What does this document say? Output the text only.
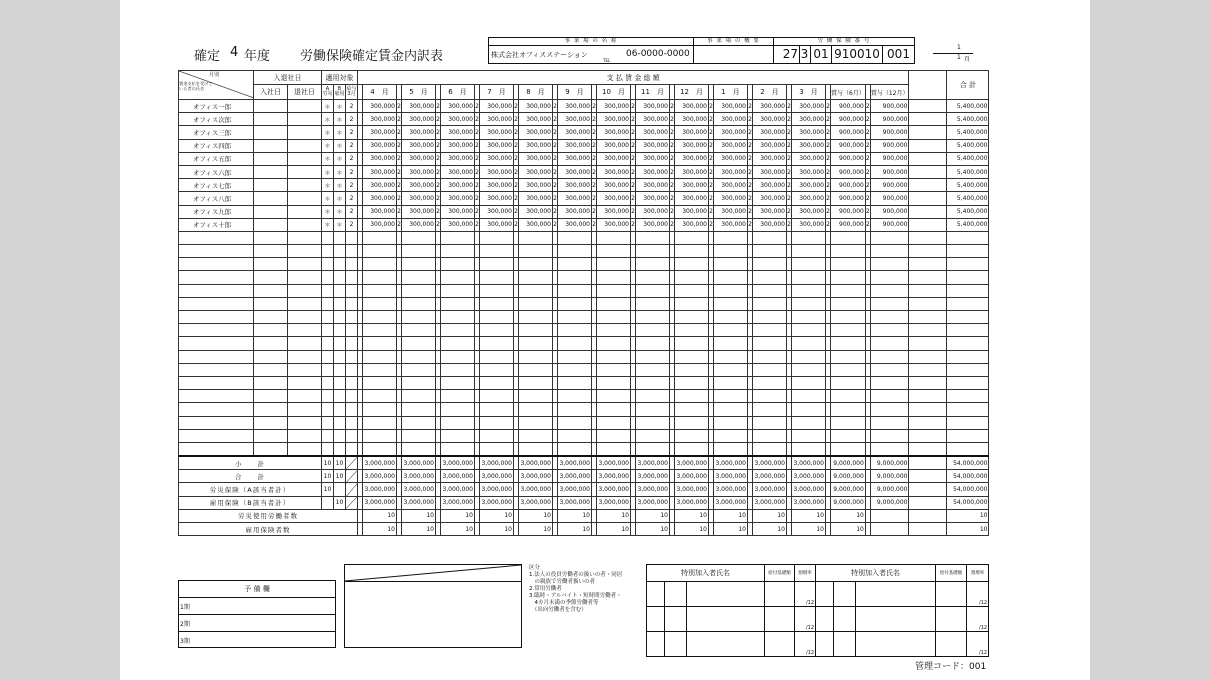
確定 4 年度 労働保険確定賃金内訳表
事 業 場 の 名 称
株式会社オフィスステーション
TEL
06-0000-0000
事 業 場 の 概 要	労 働 保 険 番 号
27 3 01 910010 001	1
1 頁
月別
賃金支払を受けている者の氏名	入退社日		適用対象			支 払 賃 金 総 額																													合 計
	入社日	退社日	A
労災	B
雇用	給与
3月		4　月		5　月		6　月		7　月		8　月		9　月		10　月		11　月		12　月		1　月		2　月		3　月		賞与（6月）		賞与（12月）		
オフィス一郎			＊	＊	2		300,000	2	300,000	2	300,000	2	300,000	2	300,000	2	300,000	2	300,000	2	300,000	2	300,000	2	300,000	2	300,000	2	300,000	2	900,000	2	900,000		5,400,000
オフィス次郎			＊	＊	2		300,000	2	300,000	2	300,000	2	300,000	2	300,000	2	300,000	2	300,000	2	300,000	2	300,000	2	300,000	2	300,000	2	300,000	2	900,000	2	900,000		5,400,000
オフィス三郎			＊	＊	2		300,000	2	300,000	2	300,000	2	300,000	2	300,000	2	300,000	2	300,000	2	300,000	2	300,000	2	300,000	2	300,000	2	300,000	2	900,000	2	900,000		5,400,000
オフィス四郎			＊	＊	2		300,000	2	300,000	2	300,000	2	300,000	2	300,000	2	300,000	2	300,000	2	300,000	2	300,000	2	300,000	2	300,000	2	300,000	2	900,000	2	900,000		5,400,000
オフィス五郎			＊	＊	2		300,000	2	300,000	2	300,000	2	300,000	2	300,000	2	300,000	2	300,000	2	300,000	2	300,000	2	300,000	2	300,000	2	300,000	2	900,000	2	900,000		5,400,000
オフィス六郎			＊	＊	2		300,000	2	300,000	2	300,000	2	300,000	2	300,000	2	300,000	2	300,000	2	300,000	2	300,000	2	300,000	2	300,000	2	300,000	2	900,000	2	900,000		5,400,000
オフィス七郎			＊	＊	2		300,000	2	300,000	2	300,000	2	300,000	2	300,000	2	300,000	2	300,000	2	300,000	2	300,000	2	300,000	2	300,000	2	300,000	2	900,000	2	900,000		5,400,000
オフィス八郎			＊	＊	2		300,000	2	300,000	2	300,000	2	300,000	2	300,000	2	300,000	2	300,000	2	300,000	2	300,000	2	300,000	2	300,000	2	300,000	2	900,000	2	900,000		5,400,000
オフィス九郎			＊	＊	2		300,000	2	300,000	2	300,000	2	300,000	2	300,000	2	300,000	2	300,000	2	300,000	2	300,000	2	300,000	2	300,000	2	300,000	2	900,000	2	900,000		5,400,000
オフィス十郎			＊	＊	2		300,000	2	300,000	2	300,000	2	300,000	2	300,000	2	300,000	2	300,000	2	300,000	2	300,000	2	300,000	2	300,000	2	300,000	2	900,000	2	900,000		5,400,000

小　　計			10	10			3,000,000		3,000,000		3,000,000		3,000,000		3,000,000		3,000,000		3,000,000		3,000,000		3,000,000		3,000,000		3,000,000		3,000,000		9,000,000		9,000,000		54,000,000
合　　計			10	10			3,000,000		3,000,000		3,000,000		3,000,000		3,000,000		3,000,000		3,000,000		3,000,000		3,000,000		3,000,000		3,000,000		3,000,000		9,000,000		9,000,000		54,000,000
労災保険（A該当者計）			10				3,000,000		3,000,000		3,000,000		3,000,000		3,000,000		3,000,000		3,000,000		3,000,000		3,000,000		3,000,000		3,000,000		3,000,000		9,000,000		9,000,000		54,000,000
雇用保険（B該当者計）				10			3,000,000		3,000,000		3,000,000		3,000,000		3,000,000		3,000,000		3,000,000		3,000,000		3,000,000		3,000,000		3,000,000		3,000,000		9,000,000		9,000,000		54,000,000
労災使用労働者数							10		10		10		10		10		10		10		10		10		10		10		10		10				10
雇用保険者数							10		10		10		10		10		10		10		10		10		10		10		10		10				10
予 備 欄
1期
2期
3期
区分
1.法人の役員労働者の扱いの者・同居
　の親族で労働者扱いの者
2.常用労働者
3.臨時・アルバイト・短時間労働者・
　4カ月未満の季節労働者等
　（出向労働者を含む）
特別加入者氏名			給付基礎額	割増率	特別加入者氏名			給付基礎額	割増率
				/12					/12
				/12					/12
				/12					/12
管理コード：001
